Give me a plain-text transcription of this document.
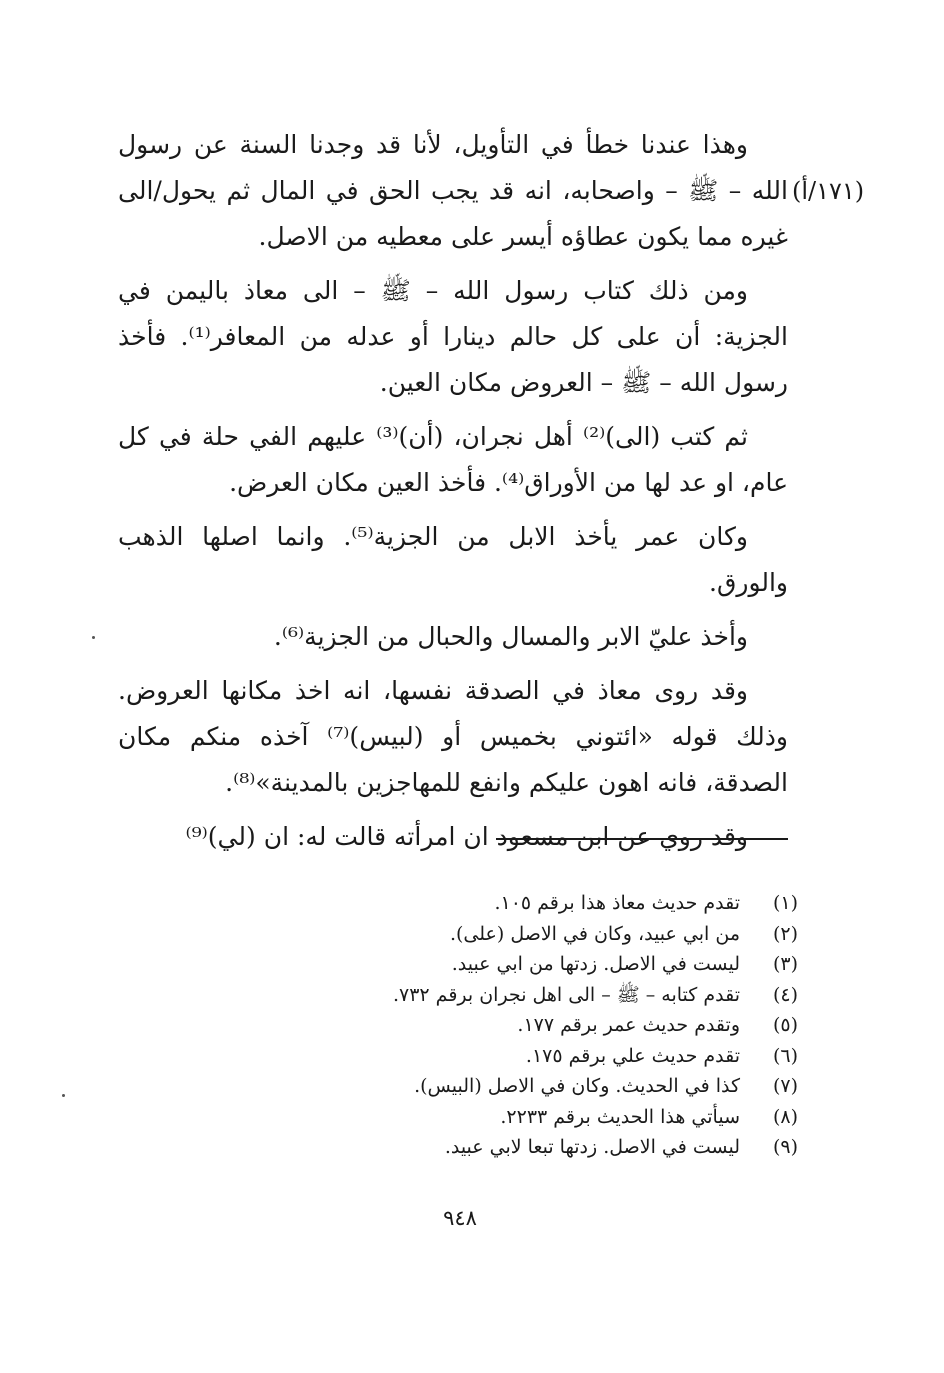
(١٧١/أ)

وهذا عندنا خطأ في التأويل، لأنا قد وجدنا السنة عن رسول الله – ﷺ – واصحابه، انه قد يجب الحق في المال ثم يحول/الى غيره مما يكون عطاؤه أيسر على معطيه من الاصل.

ومن ذلك كتاب رسول الله – ﷺ – الى معاذ باليمن في الجزية: أن على كل حالم دينارا أو عدله من المعافر⁽¹⁾. فأخذ رسول الله – ﷺ – العروض مكان العين.

ثم كتب (الى)⁽²⁾ أهل نجران، (أن)⁽³⁾ عليهم الفي حلة في كل عام، او عد لها من الأوراق⁽⁴⁾. فأخذ العين مكان العرض.

وكان عمر يأخذ الابل من الجزية⁽⁵⁾. وانما اصلها الذهب والورق.

وأخذ عليّ الابر والمسال والحبال من الجزية⁽⁶⁾.

وقد روى معاذ في الصدقة نفسها، انه اخذ مكانها العروض. وذلك قوله «ائتوني بخميس أو (لبيس)⁽⁷⁾ آخذه منكم مكان الصدقة، فانه اهون عليكم وانفع للمهاجزين بالمدينة»⁽⁸⁾.

وقد روي عن ابن مسعود ان امرأته قالت له: ان (لي)⁽⁹⁾

(١)
تقدم حديث معاذ هذا برقم ١٠٥.
(٢)
من ابي عبيد، وكان في الاصل (على).
(٣)
ليست في الاصل. زدتها من ابي عبيد.
(٤)
تقدم كتابه – ﷺ – الى اهل نجران برقم ٧٣٢.
(٥)
وتقدم حديث عمر برقم ١٧٧.
(٦)
تقدم حديث علي برقم ١٧٥.
(٧)
كذا في الحديث. وكان في الاصل (البيس).
(٨)
سيأتي هذا الحديث برقم ٢٢٣٣.
(٩)
ليست في الاصل. زدتها تبعا لابي عبيد.
٩٤٨
